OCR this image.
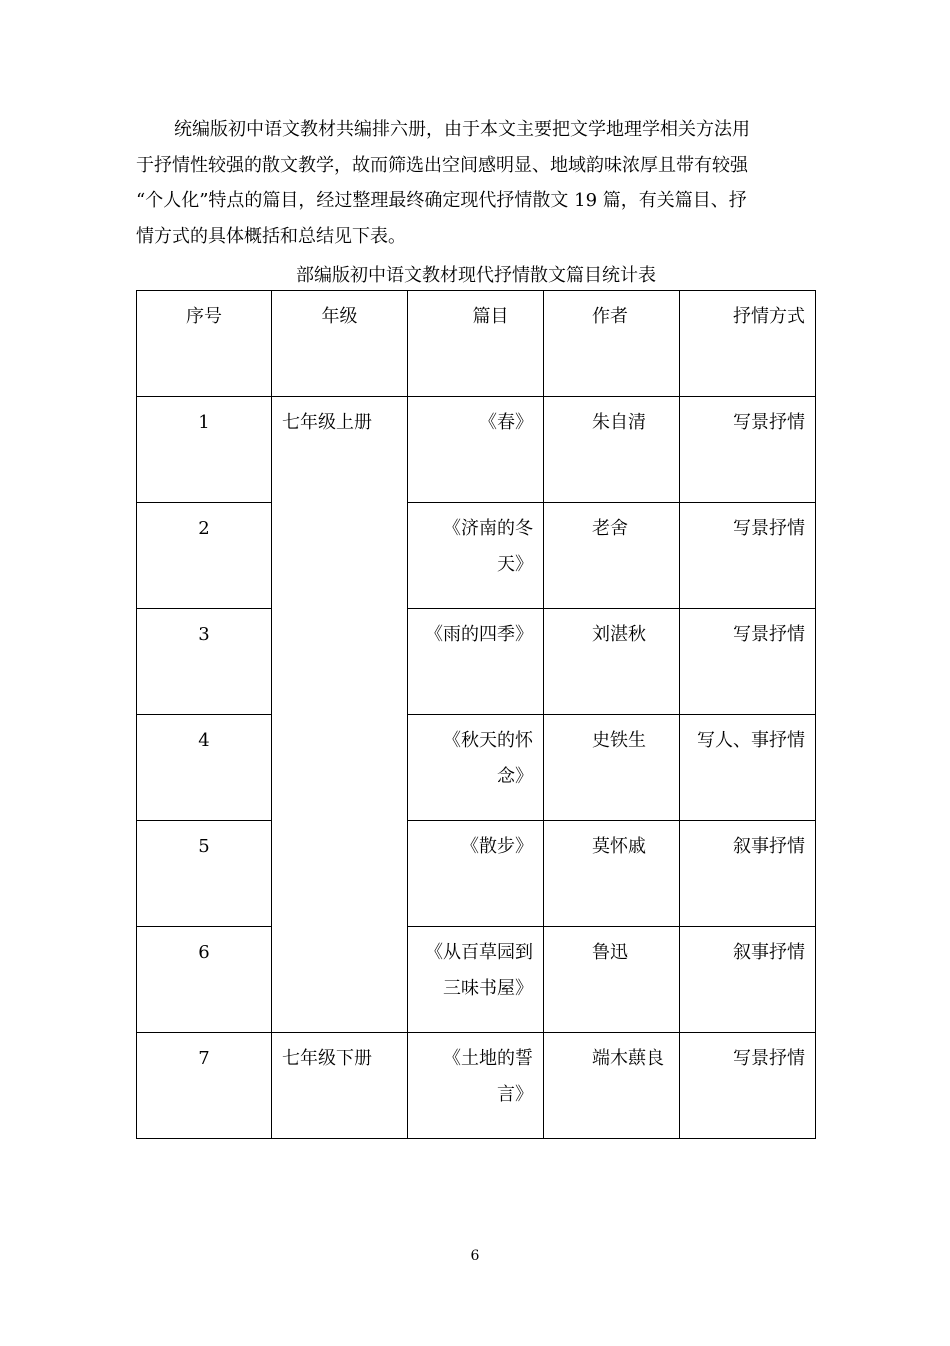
统编版初中语文教材共编排六册，由于本文主要把文学地理学相关方法用
于抒情性较强的散文教学，故而筛选出空间感明显、地域韵味浓厚且带有较强
“个人化”特点的篇目，经过整理最终确定现代抒情散文 19 篇，有关篇目、抒
情方式的具体概括和总结见下表。
部编版初中语文教材现代抒情散文篇目统计表
序号	年级	篇目	作者	抒情方式
1	七年级上册	《春》	朱自清	写景抒情
2		《济南的冬天》	老舍	写景抒情
3		《雨的四季》	刘湛秋	写景抒情
4		《秋天的怀念》	史铁生	写人、事抒情
5		《散步》	莫怀戚	叙事抒情
6		《从百草园到三味书屋》	鲁迅	叙事抒情
7	七年级下册	《土地的誓言》	端木蕻良	写景抒情
6
